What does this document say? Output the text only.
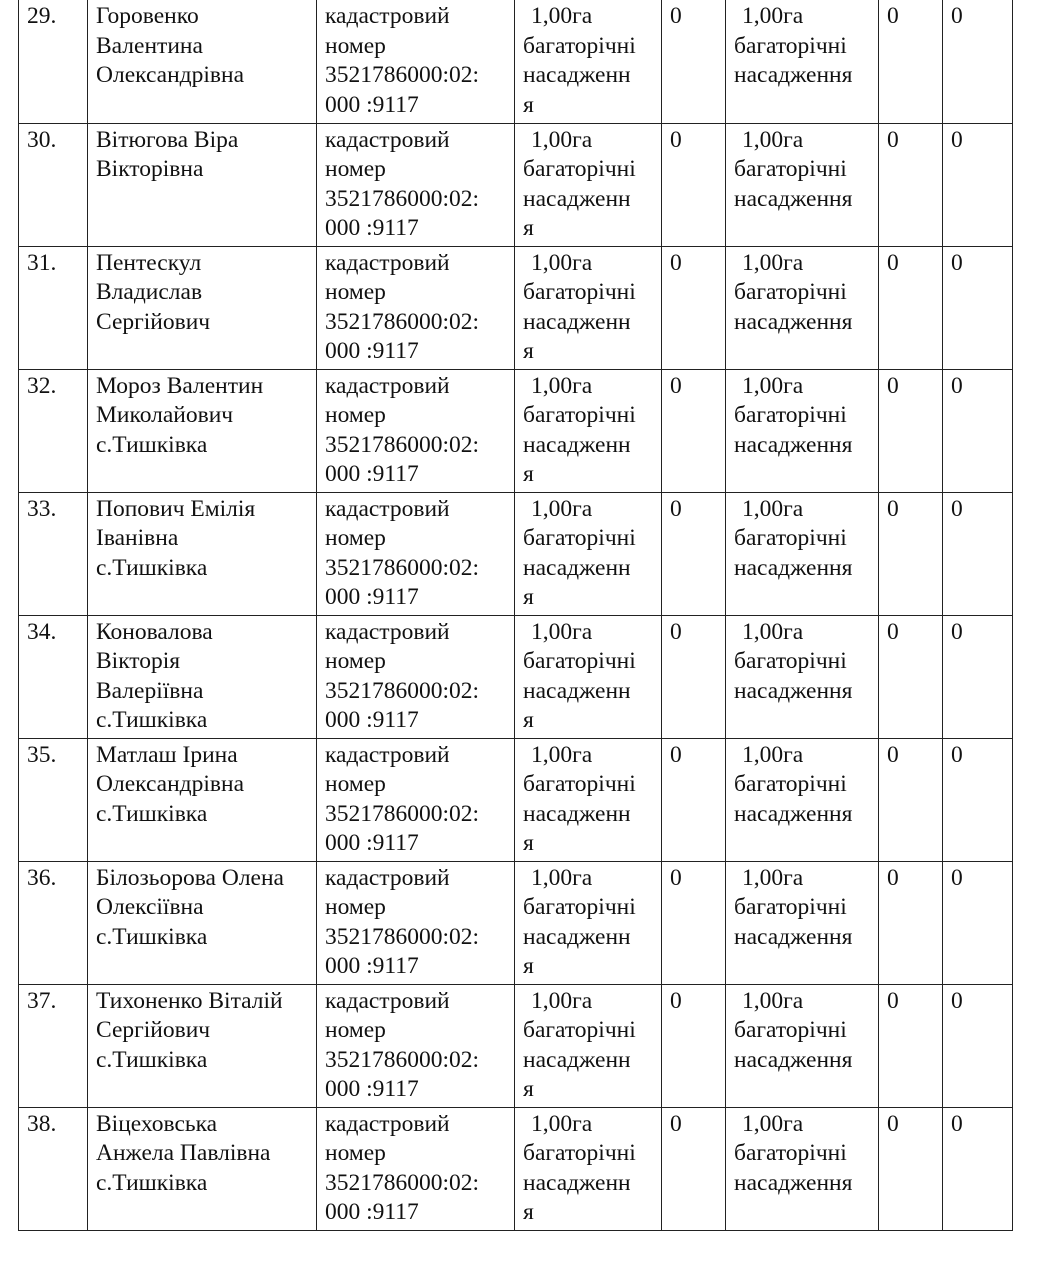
29.	Горовенко
Валентина
Олександрівна	кадастровий
номер
3521786000:02:
000 :9117	1,00га
багаторічні
насадженн
я	0	1,00га
багаторічні
насадження	0	0
30.	Вітюгова Віра
Вікторівна	кадастровий
номер
3521786000:02:
000 :9117	1,00га
багаторічні
насадженн
я	0	1,00га
багаторічні
насадження	0	0
31.	Пентескул
Владислав
Сергійович	кадастровий
номер
3521786000:02:
000 :9117	1,00га
багаторічні
насадженн
я	0	1,00га
багаторічні
насадження	0	0
32.	Мороз Валентин
Миколайович
с.Тишківка	кадастровий
номер
3521786000:02:
000 :9117	1,00га
багаторічні
насадженн
я	0	1,00га
багаторічні
насадження	0	0
33.	Попович Емілія
Іванівна
с.Тишківка	кадастровий
номер
3521786000:02:
000 :9117	1,00га
багаторічні
насадженн
я	0	1,00га
багаторічні
насадження	0	0
34.	Коновалова
Вікторія
Валеріївна
с.Тишківка	кадастровий
номер
3521786000:02:
000 :9117	1,00га
багаторічні
насадженн
я	0	1,00га
багаторічні
насадження	0	0
35.	Матлаш Ірина
Олександрівна
с.Тишківка	кадастровий
номер
3521786000:02:
000 :9117	1,00га
багаторічні
насадженн
я	0	1,00га
багаторічні
насадження	0	0
36.	Білозьорова Олена
Олексіївна
с.Тишківка	кадастровий
номер
3521786000:02:
000 :9117	1,00га
багаторічні
насадженн
я	0	1,00га
багаторічні
насадження	0	0
37.	Тихоненко Віталій
Сергійович
с.Тишківка	кадастровий
номер
3521786000:02:
000 :9117	1,00га
багаторічні
насадженн
я	0	1,00га
багаторічні
насадження	0	0
38.	Віцеховська
Анжела Павлівна
с.Тишківка	кадастровий
номер
3521786000:02:
000 :9117	1,00га
багаторічні
насадженн
я	0	1,00га
багаторічні
насадження	0	0
